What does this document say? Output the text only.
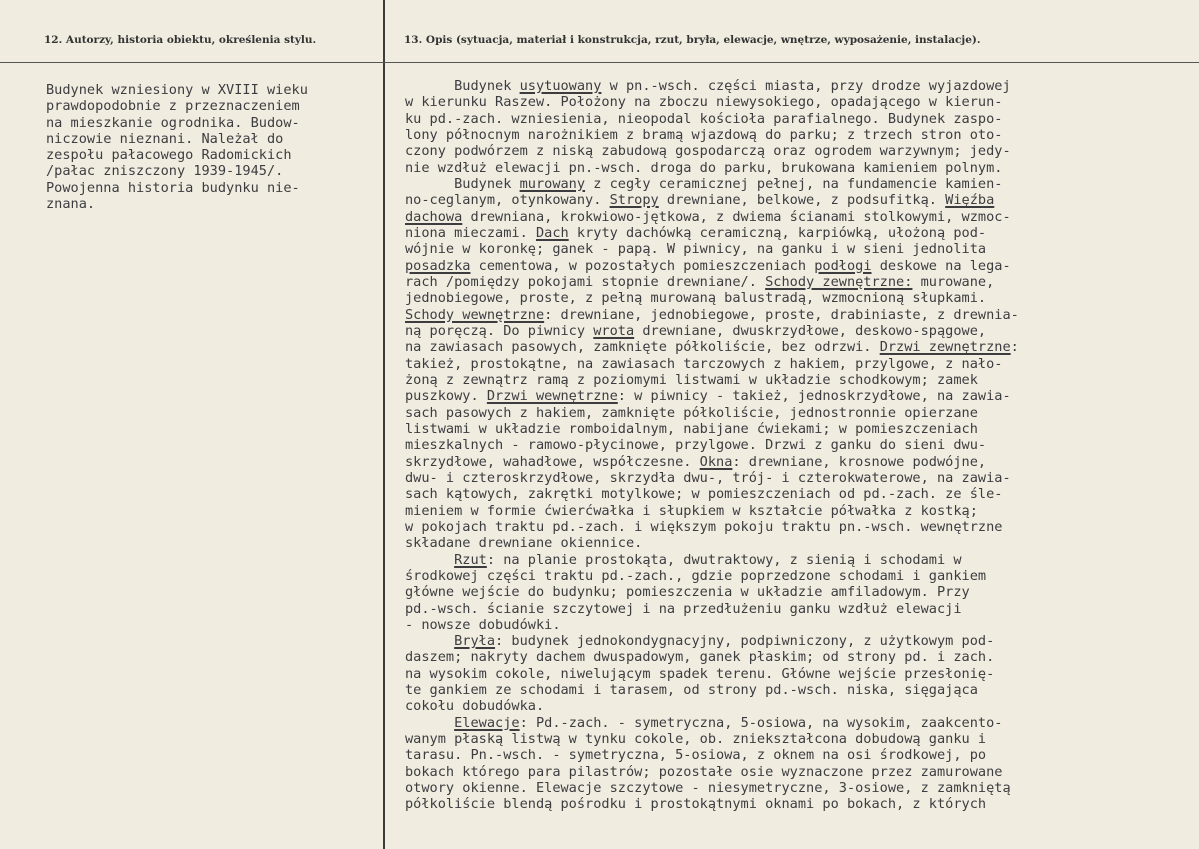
12. Autorzy, historia obiektu, określenia stylu.	13. Opis (sytuacja, materiał i konstrukcja, rzut, bryła, elewacje, wnętrze, wyposażenie, instalacje).
Budynek wzniesiony w XVIII wieku
prawdopodobnie z przeznaczeniem
na mieszkanie ogrodnika. Budow-
niczowie nieznani. Należał do
zespołu pałacowego Radomickich
/pałac zniszczony 1939-1945/.
Powojenna historia budynku nie-
znana.
Budynek usytuowany w pn.-wsch. części miasta, przy drodze wyjazdowej
w kierunku Raszew. Położony na zboczu niewysokiego, opadającego w kierun-
ku pd.-zach. wzniesienia, nieopodal kościoła parafialnego. Budynek zaspo-
lony północnym narożnikiem z bramą wjazdową do parku; z trzech stron oto-
czony podwórzem z niską zabudową gospodarczą oraz ogrodem warzywnym; jedy-
nie wzdłuż elewacji pn.-wsch. droga do parku, brukowana kamieniem polnym.
Budynek murowany z cegły ceramicznej pełnej, na fundamencie kamien-
no-ceglanym, otynkowany. Stropy drewniane, belkowe, z podsufitką. Więźba
dachowa drewniana, krokwiowo-jętkowa, z dwiema ścianami stolkowymi, wzmoc-
niona mieczami. Dach kryty dachówką ceramiczną, karpiówką, ułożoną pod-
wójnie w koronkę; ganek - papą. W piwnicy, na ganku i w sieni jednolita
posadzka cementowa, w pozostałych pomieszczeniach podłogi deskowe na lega-
rach /pomiędzy pokojami stopnie drewniane/. Schody zewnętrzne: murowane,
jednobiegowe, proste, z pełną murowaną balustradą, wzmocnioną słupkami.
Schody wewnętrzne: drewniane, jednobiegowe, proste, drabiniaste, z drewnia-
ną poręczą. Do piwnicy wrota drewniane, dwuskrzydłowe, deskowo-spągowe,
na zawiasach pasowych, zamknięte półkoliście, bez odrzwi. Drzwi zewnętrzne:
takież, prostokątne, na zawiasach tarczowych z hakiem, przylgowe, z nało-
żoną z zewnątrz ramą z poziomymi listwami w układzie schodkowym; zamek
puszkowy. Drzwi wewnętrzne: w piwnicy - takież, jednoskrzydłowe, na zawia-
sach pasowych z hakiem, zamknięte półkoliście, jednostronnie opierzane
listwami w układzie romboidalnym, nabijane ćwiekami; w pomieszczeniach
mieszkalnych - ramowo-płycinowe, przylgowe. Drzwi z ganku do sieni dwu-
skrzydłowe, wahadłowe, współczesne. Okna: drewniane, krosnowe podwójne,
dwu- i czteroskrzydłowe, skrzydła dwu-, trój- i czterokwaterowe, na zawia-
sach kątowych, zakrętki motylkowe; w pomieszczeniach od pd.-zach. ze śle-
mieniem w formie ćwierćwałka i słupkiem w kształcie półwałka z kostką;
w pokojach traktu pd.-zach. i większym pokoju traktu pn.-wsch. wewnętrzne
składane drewniane okiennice.
Rzut: na planie prostokąta, dwutraktowy, z sienią i schodami w
środkowej części traktu pd.-zach., gdzie poprzedzone schodami i gankiem
główne wejście do budynku; pomieszczenia w układzie amfiladowym. Przy
pd.-wsch. ścianie szczytowej i na przedłużeniu ganku wzdłuż elewacji
- nowsze dobudówki.
Bryła: budynek jednokondygnacyjny, podpiwniczony, z użytkowym pod-
daszem; nakryty dachem dwuspadowym, ganek płaskim; od strony pd. i zach.
na wysokim cokole, niwelującym spadek terenu. Główne wejście przesłonię-
te gankiem ze schodami i tarasem, od strony pd.-wsch. niska, sięgająca
cokołu dobudówka.
Elewacje: Pd.-zach. - symetryczna, 5-osiowa, na wysokim, zaakcento-
wanym płaską listwą w tynku cokole, ob. zniekształcona dobudową ganku i
tarasu. Pn.-wsch. - symetryczna, 5-osiowa, z oknem na osi środkowej, po
bokach którego para pilastrów; pozostałe osie wyznaczone przez zamurowane
otwory okienne. Elewacje szczytowe - niesymetryczne, 3-osiowe, z zamkniętą
półkoliście blendą pośrodku i prostokątnymi oknami po bokach, z których
